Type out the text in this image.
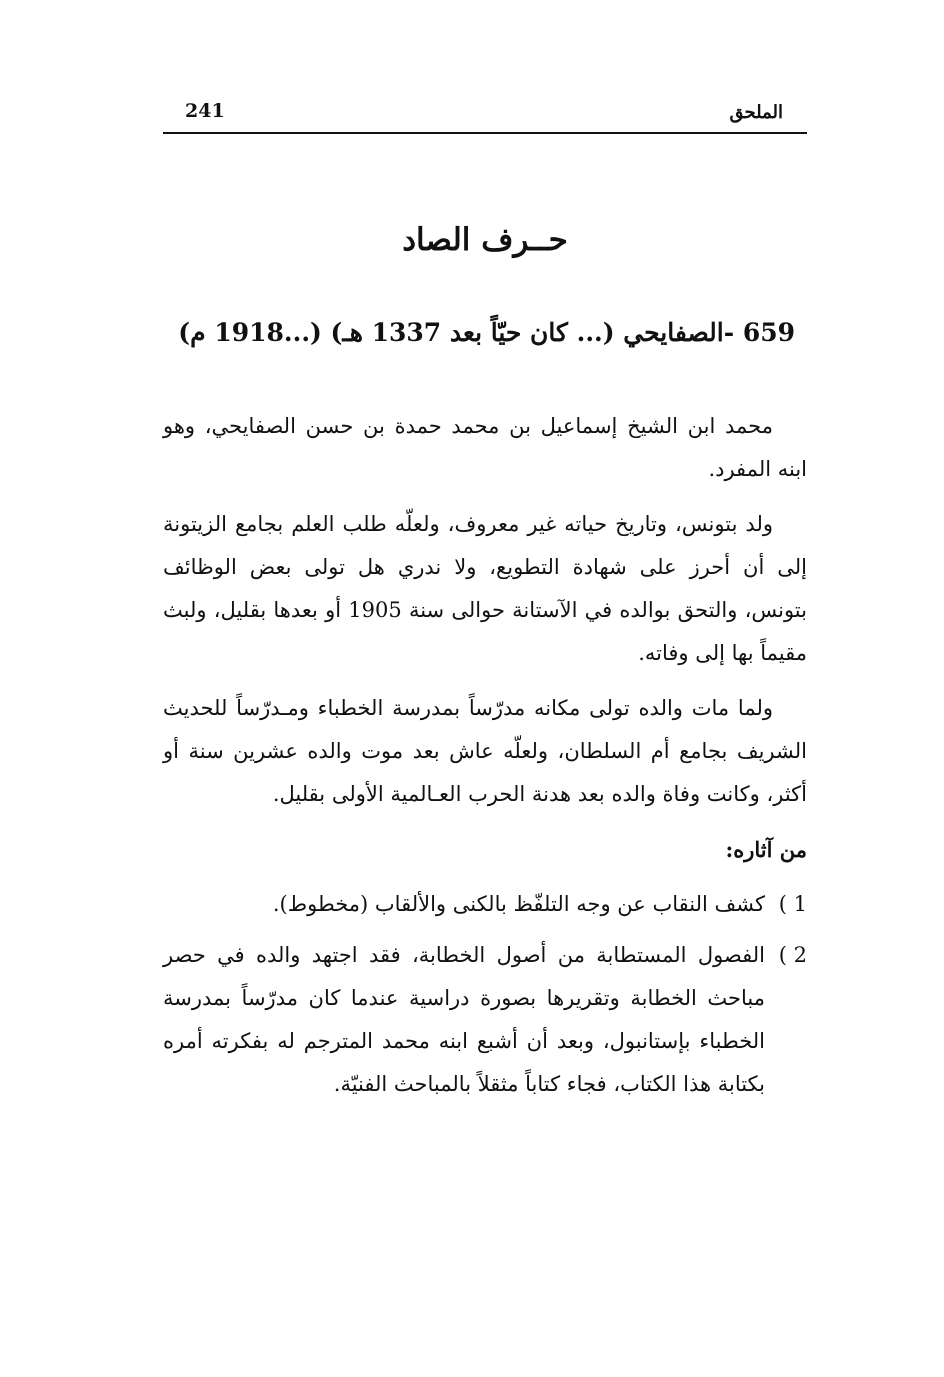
241	الملحق
حــرف الصاد
659 -الصفايحي (... كان حيّاً بعد 1337 هـ) (...1918 م)

محمد ابن الشيخ إسماعيل بن محمد حمدة بن حسن الصفايحي، وهو ابنه المفرد.

ولد بتونس، وتاريخ حياته غير معروف، ولعلّه طلب العلم بجامع الزيتونة إلى أن أحرز على شهادة التطويع، ولا ندري هل تولى بعض الوظائف بتونس، والتحق بوالده في الآستانة حوالى سنة 1905 أو بعدها بقليل، ولبث مقيماً بها إلى وفاته.

ولما مات والده تولى مكانه مدرّساً بمدرسة الخطباء ومـدرّساً للحديث الشريف بجامع أم السلطان، ولعلّه عاش بعد موت والده عشرين سنة أو أكثر، وكانت وفاة والده بعد هدنة الحرب العـالمية الأولى بقليل.

من آثاره:

1 )
كشف النقاب عن وجه التلفّظ بالكنى والألقاب (مخطوط).
2 )
الفصول المستطابة من أصول الخطابة، فقد اجتهد والده في حصر مباحث الخطابة وتقريرها بصورة دراسية عندما كان مدرّساً بمدرسة الخطباء بإستانبول، وبعد أن أشبع ابنه محمد المترجم له بفكرته أمره بكتابة هذا الكتاب، فجاء كتاباً مثقلاً بالمباحث الفنيّة.
